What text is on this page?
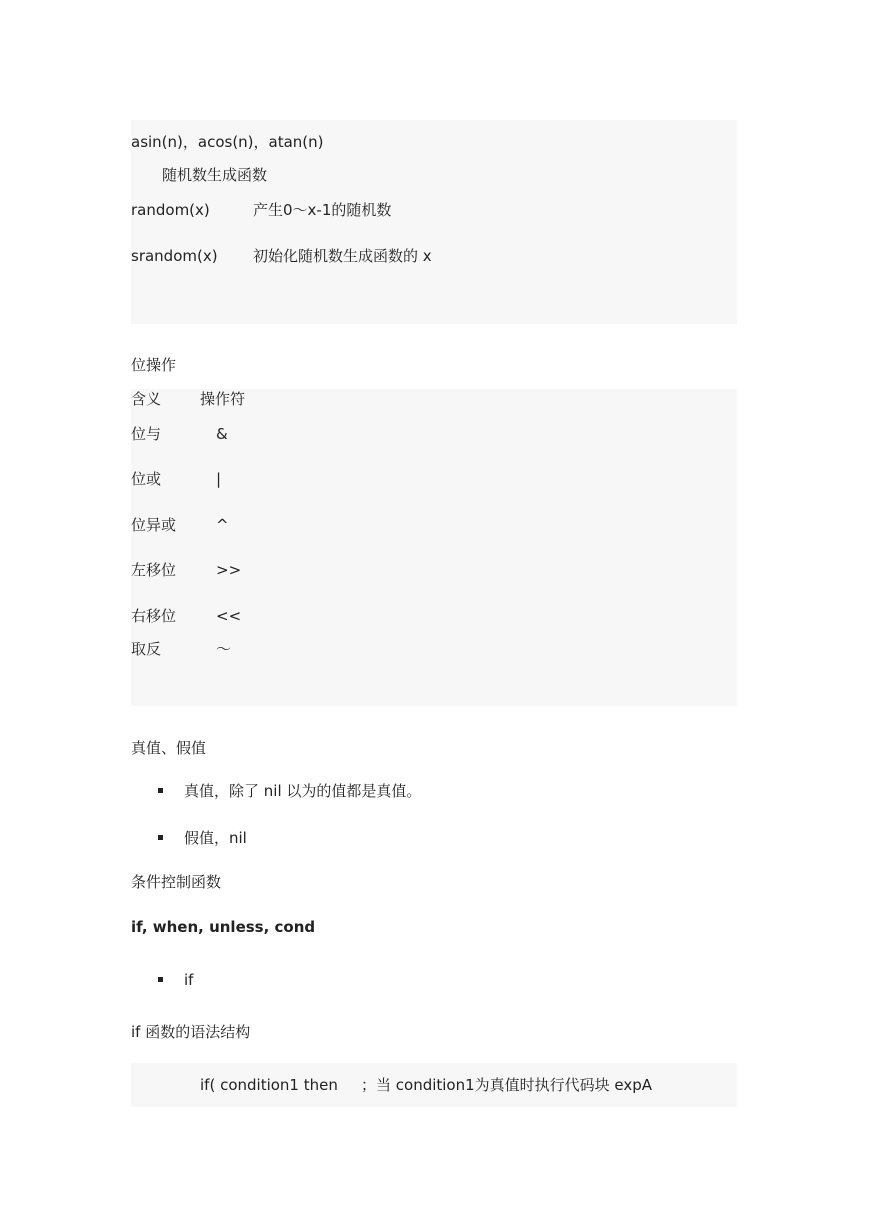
asin(n)，acos(n)，atan(n)
随机数生成函数
random(x)	产生0～x-1的随机数
srandom(x) 初始化随机数生成函数的 x
位操作
含义	操作符
位与	&
位或	|
位异或	^
左移位	>>
右移位	<<
取反	～
真值、假值
真值，除了 nil 以为的值都是真值。
假值，nil
条件控制函数
if, when, unless, cond
if
if 函数的语法结构
if( condition1 then ；当 condition1为真值时执行代码块 expA
